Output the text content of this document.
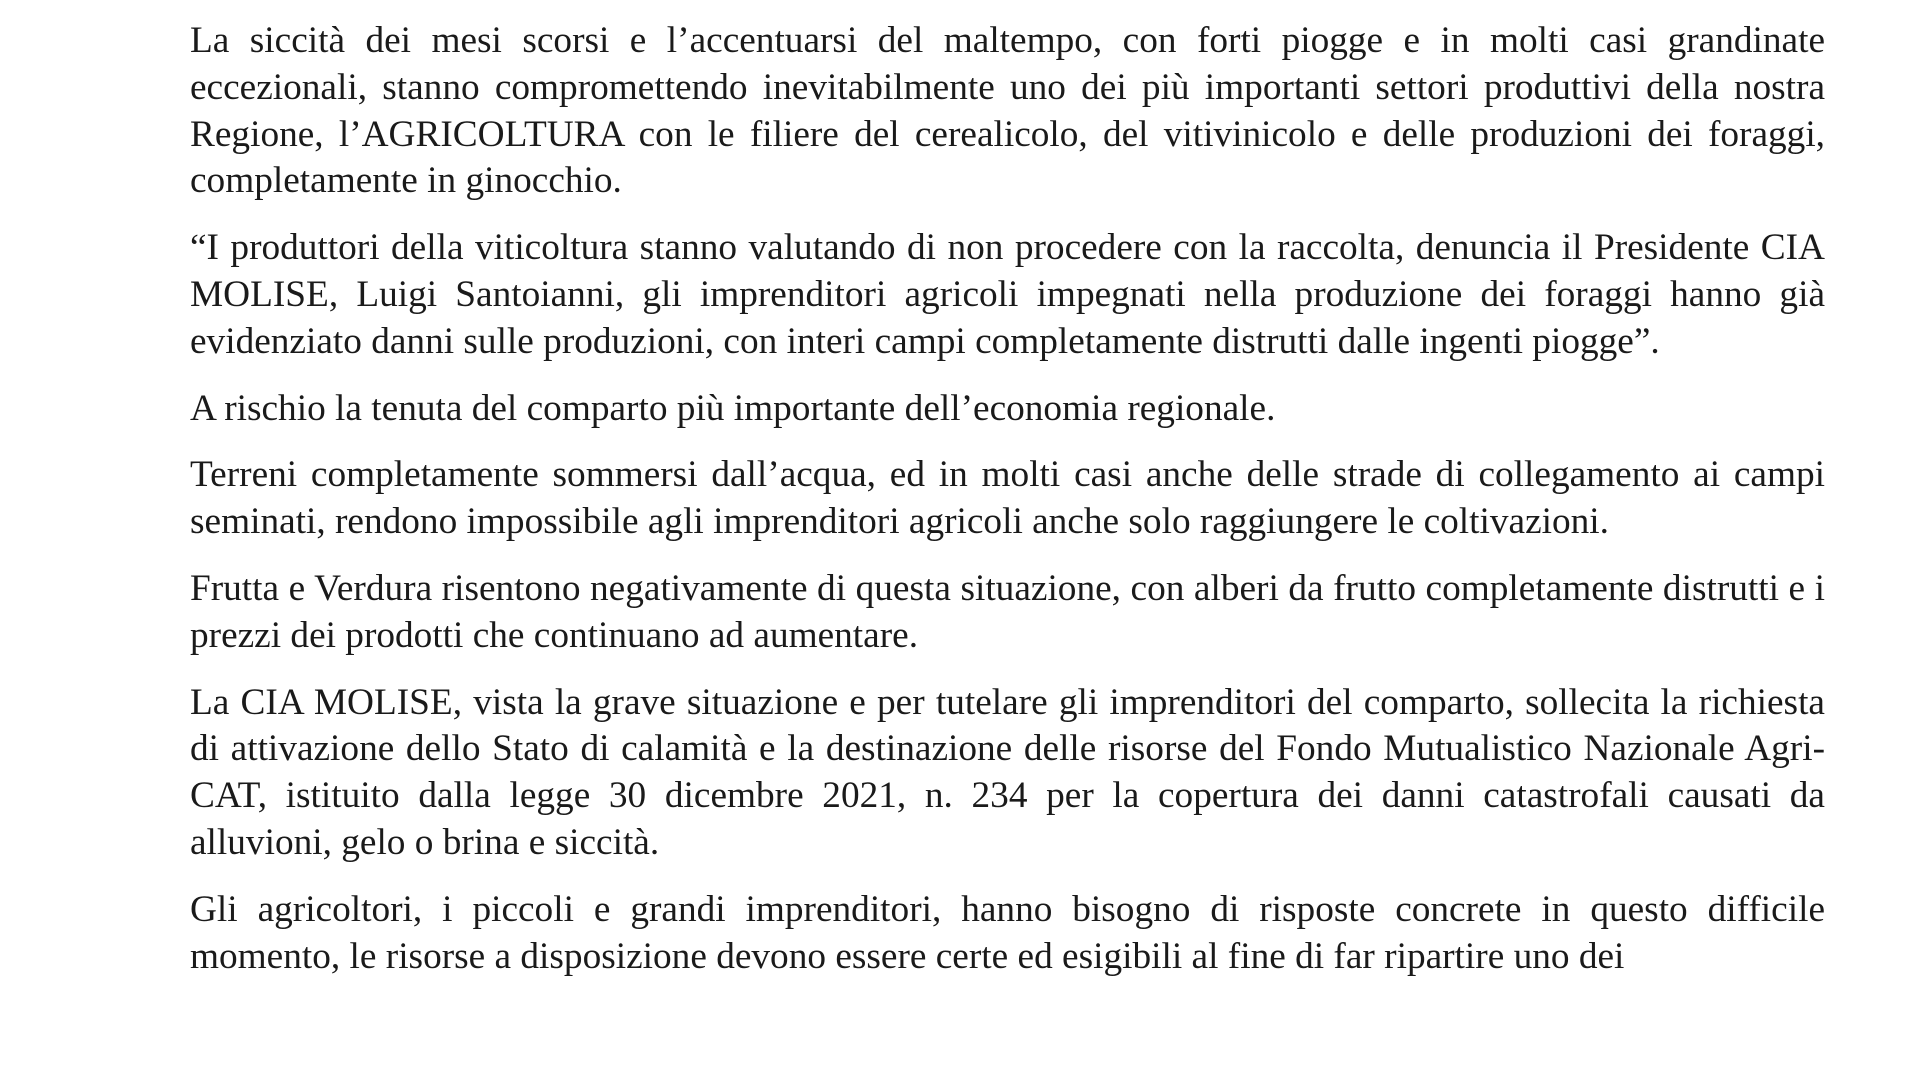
La siccità dei mesi scorsi e l’accentuarsi del maltempo, con forti piogge e in molti casi grandinate eccezionali, stanno compromettendo inevitabilmente uno dei più importanti settori produttivi della nostra Regione, l’AGRICOLTURA con le filiere del cerealicolo, del vitivinicolo e delle produzioni dei foraggi, completamente in ginocchio.

“I produttori della viticoltura stanno valutando di non procedere con la raccolta, denuncia il Presidente CIA MOLISE, Luigi Santoianni, gli imprenditori agricoli impegnati nella produzione dei foraggi hanno già evidenziato danni sulle produzioni, con interi campi completamente distrutti dalle ingenti piogge”.

A rischio la tenuta del comparto più importante dell’economia regionale.

Terreni completamente sommersi dall’acqua, ed in molti casi anche delle strade di collegamento ai campi seminati, rendono impossibile agli imprenditori agricoli anche solo raggiungere le coltivazioni.

Frutta e Verdura risentono negativamente di questa situazione, con alberi da frutto completamente distrutti e i prezzi dei prodotti che continuano ad aumentare.

La CIA MOLISE, vista la grave situazione e per tutelare gli imprenditori del comparto, sollecita la richiesta di attivazione dello Stato di calamità e la destinazione delle risorse del Fondo Mutualistico Nazionale Agri-CAT, istituito dalla legge 30 dicembre 2021, n. 234 per la copertura dei danni catastrofali causati da alluvioni, gelo o brina e siccità.

Gli agricoltori, i piccoli e grandi imprenditori, hanno bisogno di risposte concrete in questo difficile momento, le risorse a disposizione devono essere certe ed esigibili al fine di far ripartire uno dei
